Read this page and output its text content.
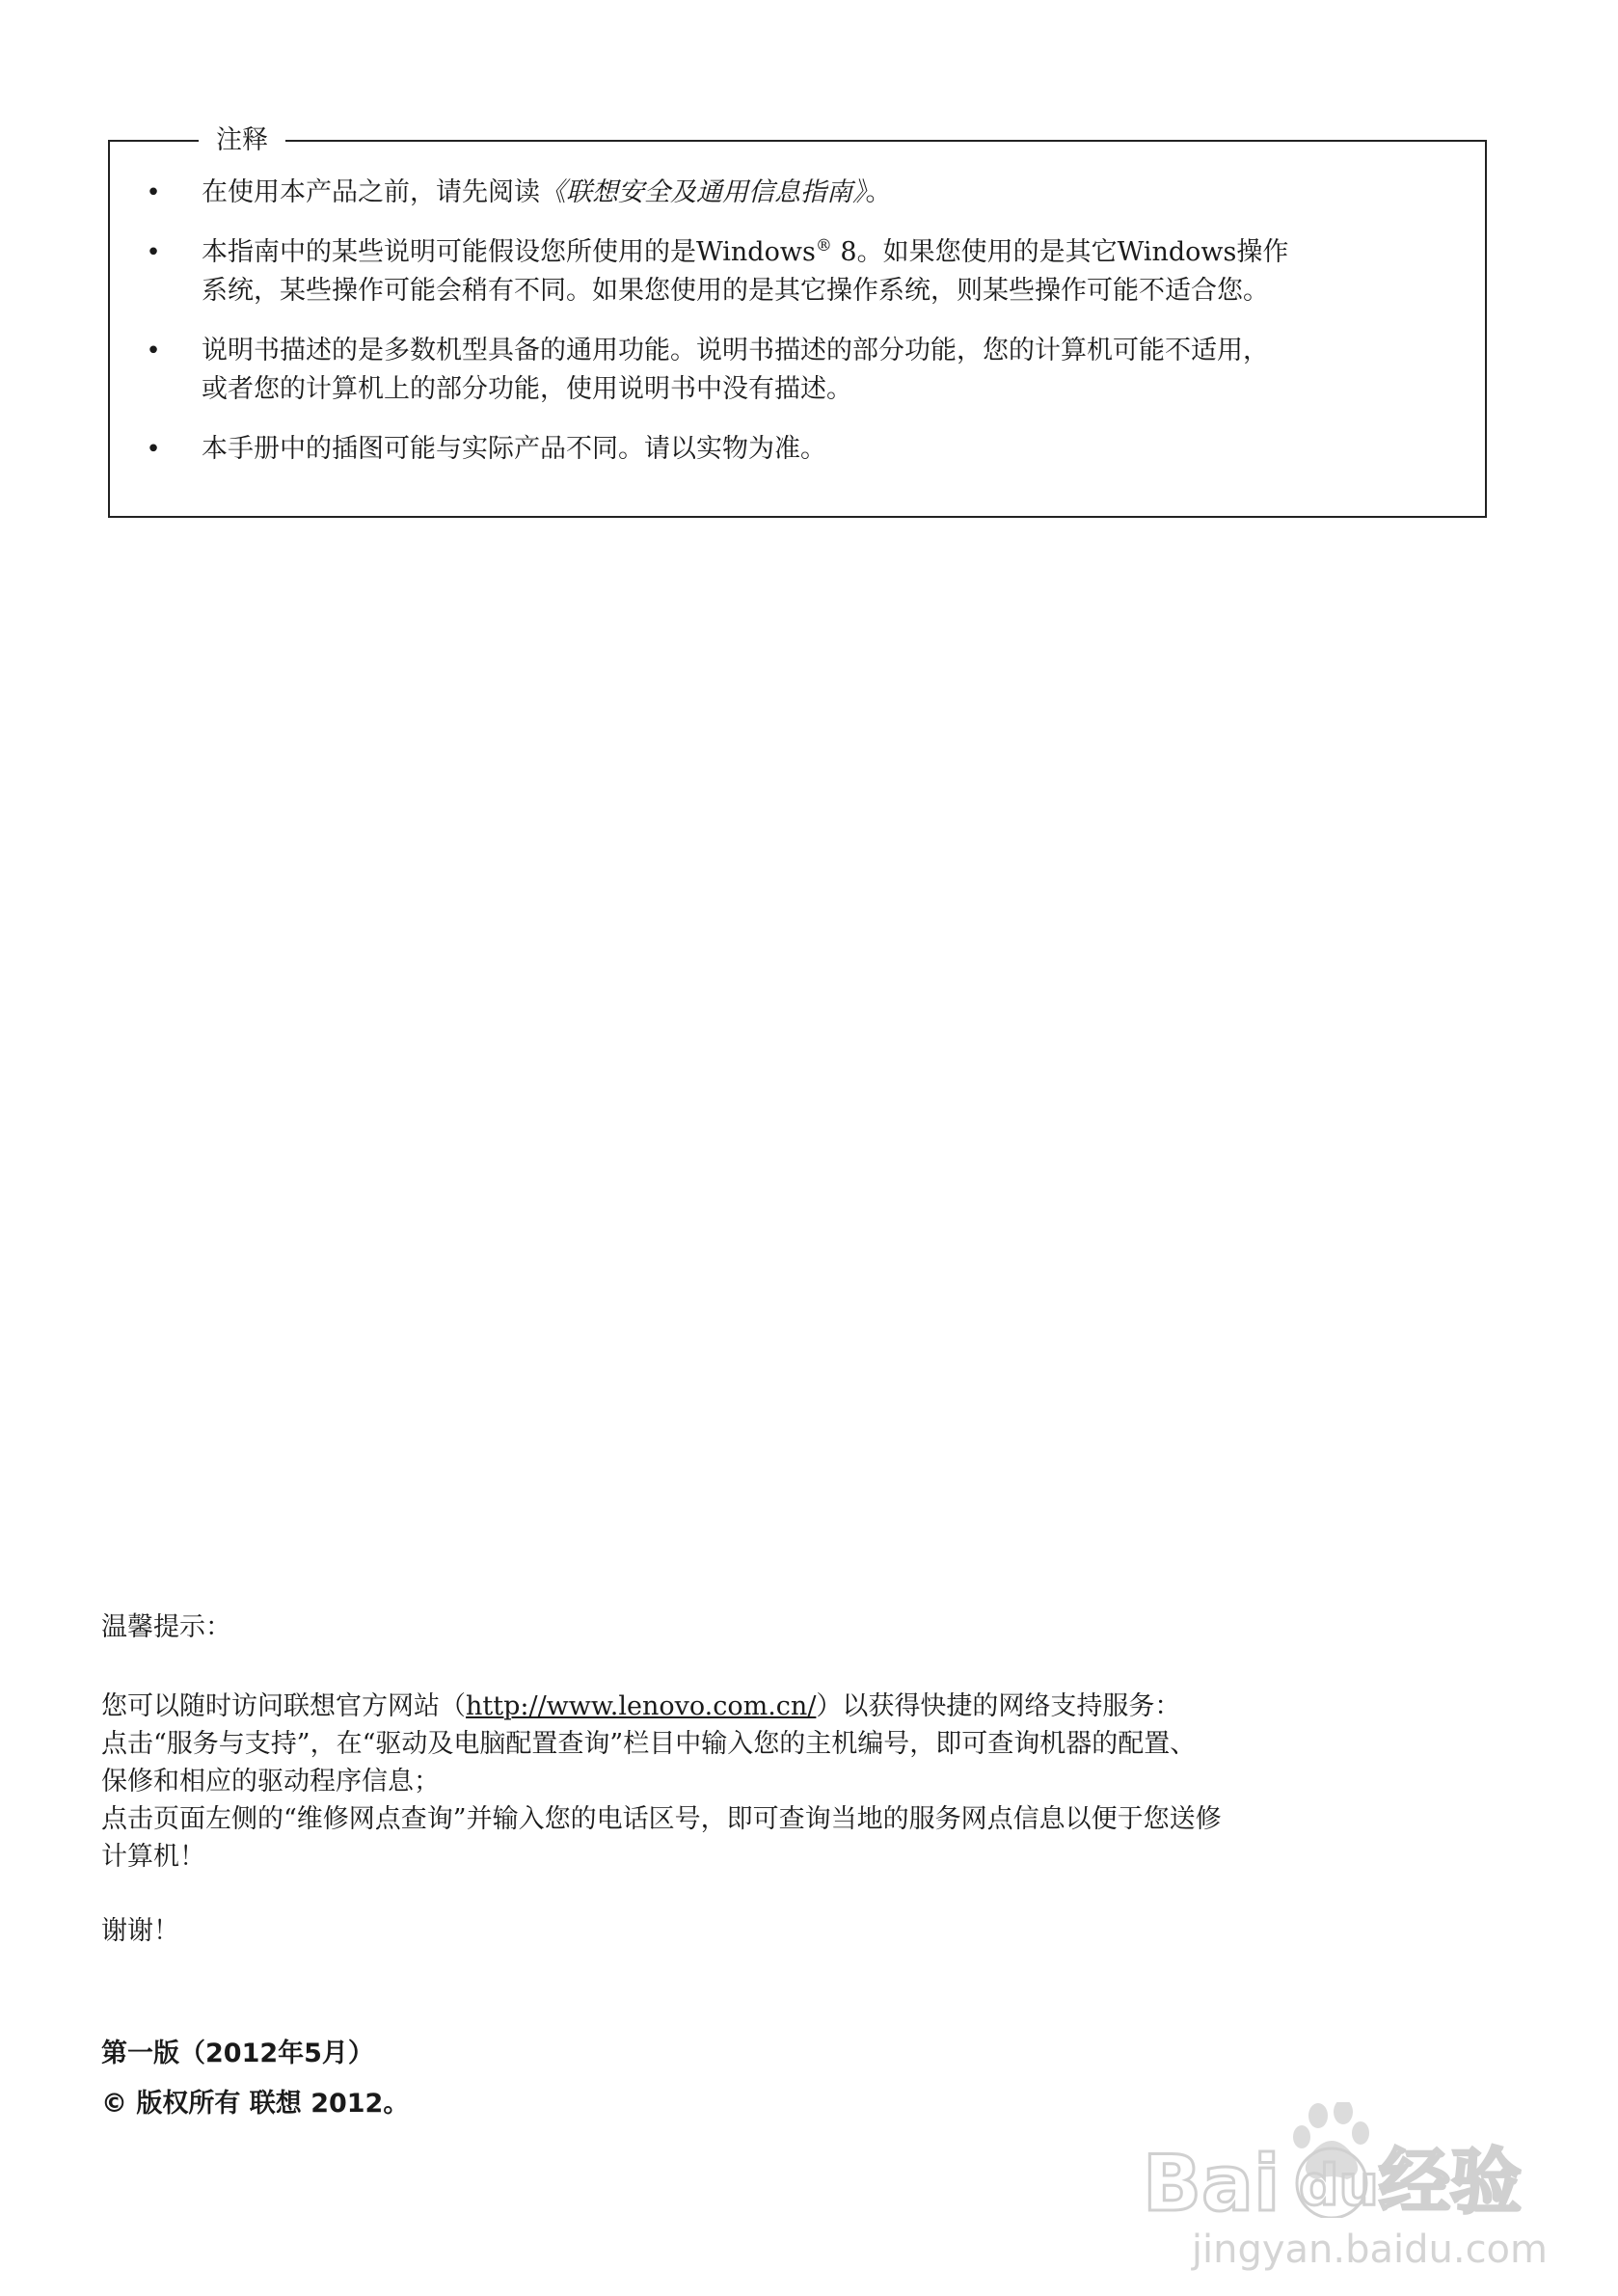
注释
• 在使用本产品之前，请先阅读《联想安全及通用信息指南》。
• 本指南中的某些说明可能假设您所使用的是Windows® 8。如果您使用的是其它Windows操作
系统，某些操作可能会稍有不同。如果您使用的是其它操作系统，则某些操作可能不适合您。
• 说明书描述的是多数机型具备的通用功能。说明书描述的部分功能，您的计算机可能不适用，
或者您的计算机上的部分功能，使用说明书中没有描述。
• 本手册中的插图可能与实际产品不同。请以实物为准。

温馨提示：

您可以随时访问联想官方网站（http://www.lenovo.com.cn/）以获得快捷的网络支持服务：

点击“服务与支持”，在“驱动及电脑配置查询”栏目中输入您的主机编号，即可查询机器的配置、

保修和相应的驱动程序信息；

点击页面左侧的“维修网点查询”并输入您的电话区号，即可查询当地的服务网点信息以便于您送修

计算机！

谢谢！

第一版（2012年5月）
© 版权所有 联想 2012。
Bai du 经验
jingyan.baidu.com
